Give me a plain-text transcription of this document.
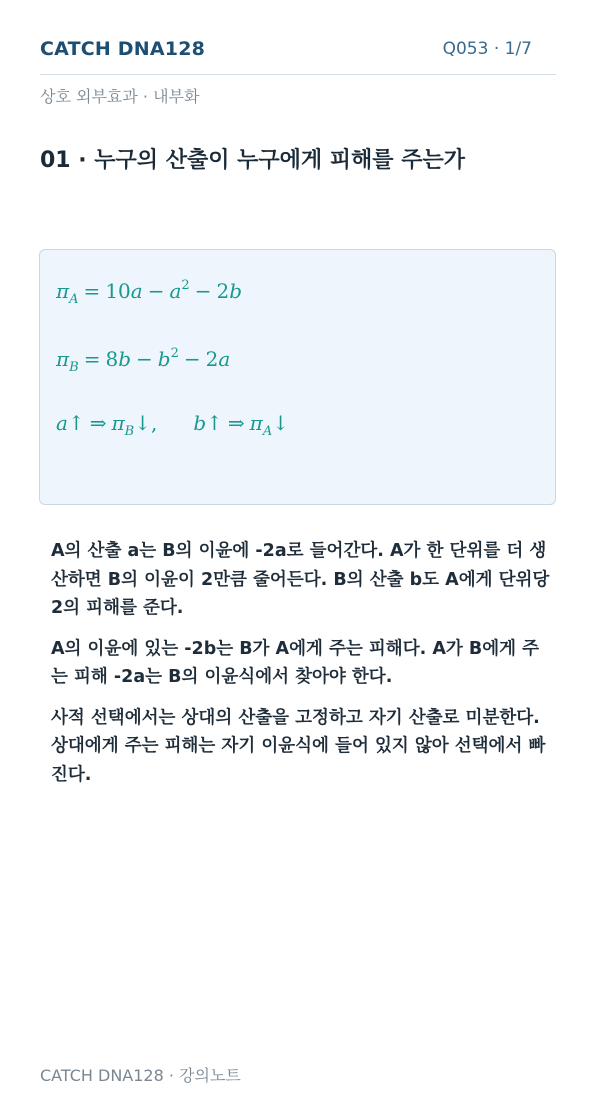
CATCH DNA128	Q053 · 1/7
상호 외부효과 · 내부화
01 · 누구의 산출이 누구에게 피해를 주는가
$\pi_A = 10a - a^2 - 2b$
$\pi_B = 8b - b^2 - 2a$
a↑ ⇒ $\pi_B↓$, b↑ ⇒ $\pi_A↓$

A의 산출 a는 B의 이윤에 -2a로 들어간다. A가 한 단위를 더 생산하면 B의 이윤이 2만큼 줄어든다. B의 산출 b도 A에게 단위당 2의 피해를 준다.

A의 이윤에 있는 -2b는 B가 A에게 주는 피해다. A가 B에게 주는 피해 -2a는 B의 이윤식에서 찾아야 한다.

사적 선택에서는 상대의 산출을 고정하고 자기 산출로 미분한다. 상대에게 주는 피해는 자기 이윤식에 들어 있지 않아 선택에서 빠진다.

CATCH DNA128 · 강의노트
